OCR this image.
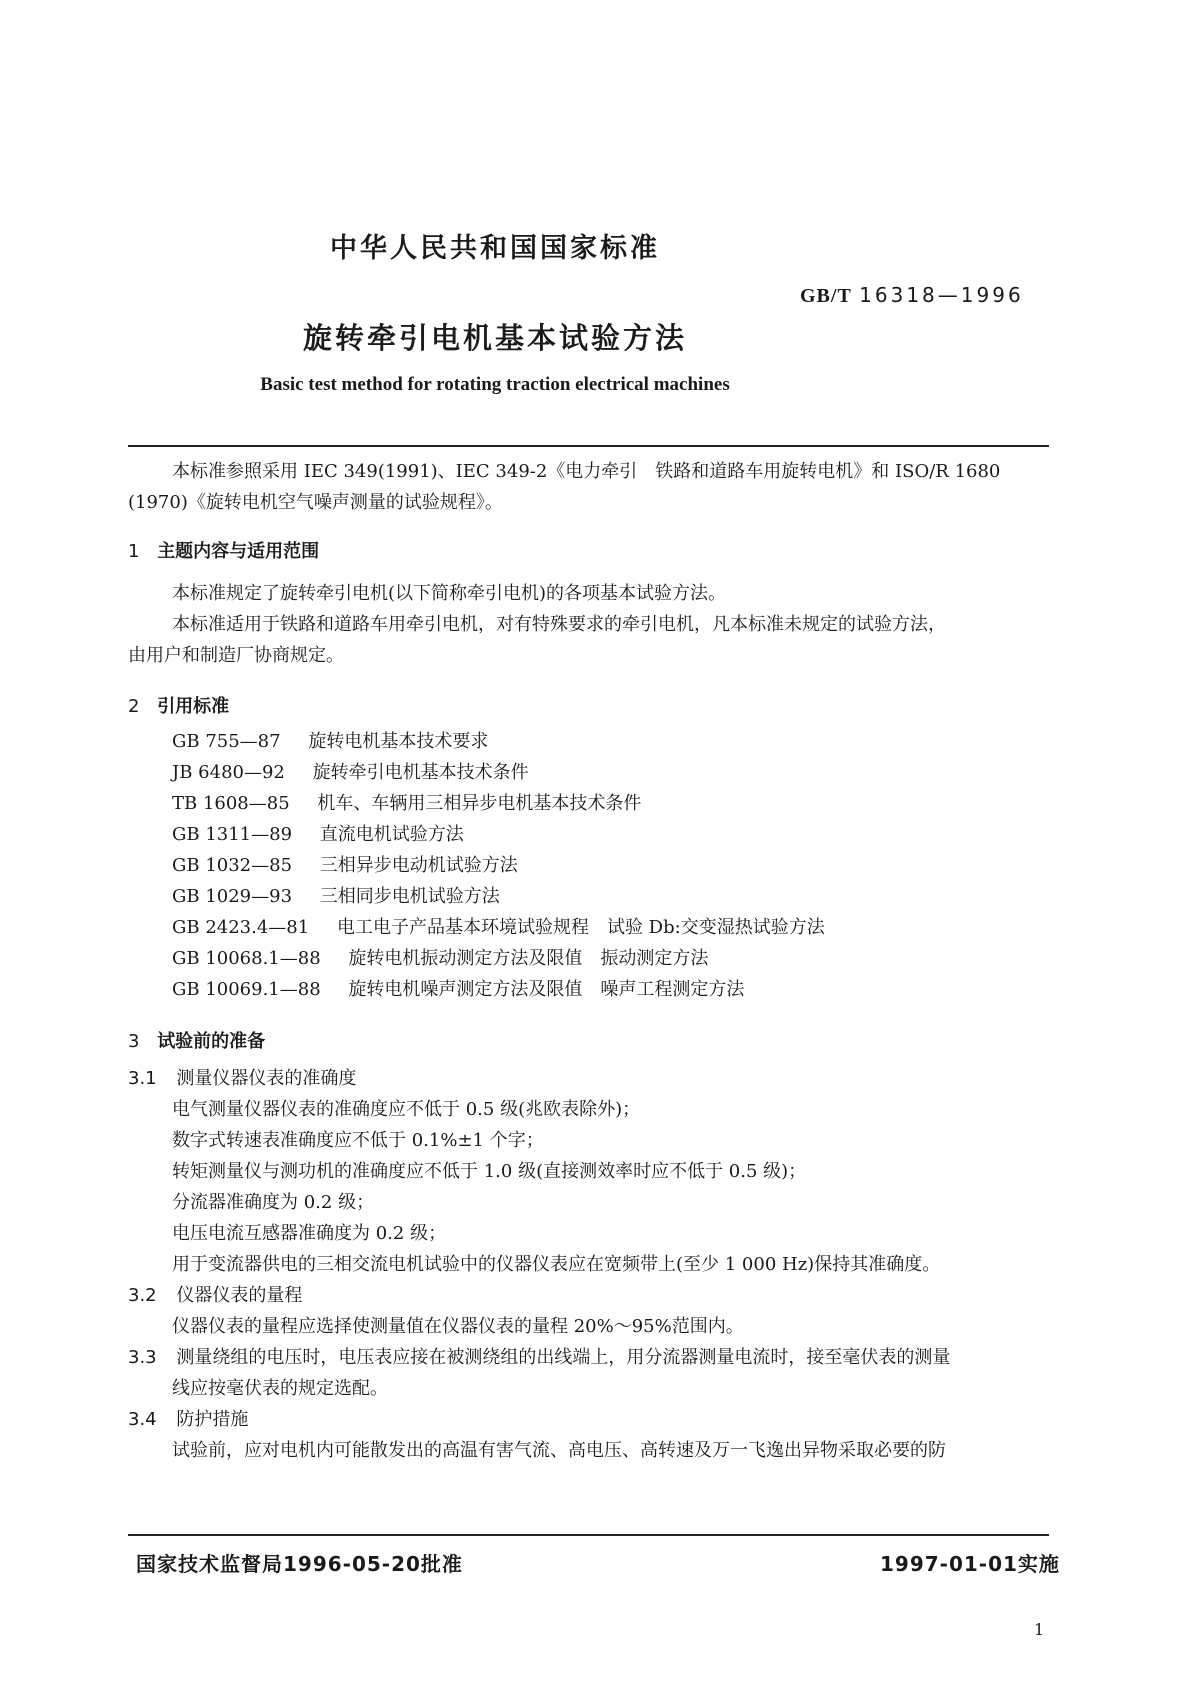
中华人民共和国国家标准
GB/T 16318—1996
旋转牵引电机基本试验方法
Basic test method for rotating traction electrical machines
本标准参照采用 IEC 349(1991)、IEC 349-2《电力牵引　铁路和道路车用旋转电机》和 ISO/R 1680
(1970)《旋转电机空气噪声测量的试验规程》。
1 主题内容与适用范围
本标准规定了旋转牵引电机(以下简称牵引电机)的各项基本试验方法。
本标准适用于铁路和道路车用牵引电机，对有特殊要求的牵引电机，凡本标准未规定的试验方法，
由用户和制造厂协商规定。
2 引用标准
GB 755—87 旋转电机基本技术要求
JB 6480—92 旋转牵引电机基本技术条件
TB 1608—85 机车、车辆用三相异步电机基本技术条件
GB 1311—89 直流电机试验方法
GB 1032—85 三相异步电动机试验方法
GB 1029—93 三相同步电机试验方法
GB 2423.4—81 电工电子产品基本环境试验规程　试验 Db:交变湿热试验方法
GB 10068.1—88 旋转电机振动测定方法及限值　振动测定方法
GB 10069.1—88 旋转电机噪声测定方法及限值　噪声工程测定方法
3 试验前的准备
3.1 测量仪器仪表的准确度
电气测量仪器仪表的准确度应不低于 0.5 级(兆欧表除外)；
数字式转速表准确度应不低于 0.1%±1 个字；
转矩测量仪与测功机的准确度应不低于 1.0 级(直接测效率时应不低于 0.5 级)；
分流器准确度为 0.2 级；
电压电流互感器准确度为 0.2 级；
用于变流器供电的三相交流电机试验中的仪器仪表应在宽频带上(至少 1 000 Hz)保持其准确度。
3.2 仪器仪表的量程
仪器仪表的量程应选择使测量值在仪器仪表的量程 20%～95%范围内。
3.3 测量绕组的电压时，电压表应接在被测绕组的出线端上，用分流器测量电流时，接至毫伏表的测量
线应按毫伏表的规定选配。
3.4 防护措施
试验前，应对电机内可能散发出的高温有害气流、高电压、高转速及万一飞逸出异物采取必要的防
国家技术监督局1996-05-20批准	1997-01-01实施
1
